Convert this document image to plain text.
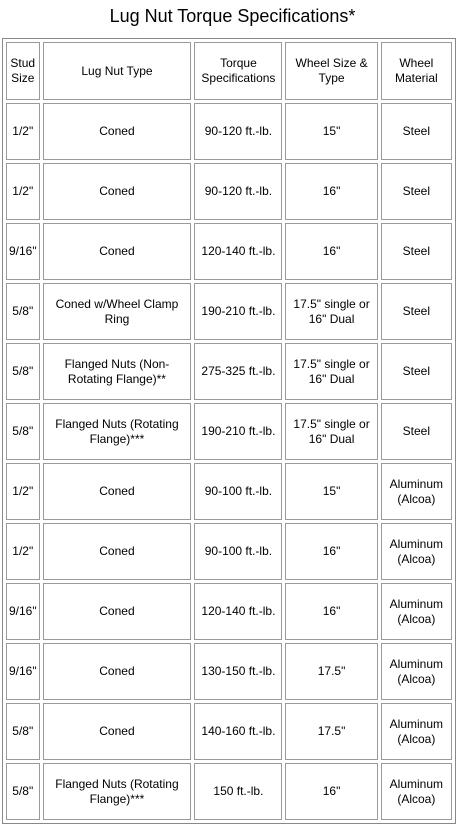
Lug Nut Torque Specifications*
Stud Size	Lug Nut Type	Torque Specifications	Wheel Size & Type	Wheel Material
1/2"	Coned	90-120 ft.-lb.	15"	Steel
1/2"	Coned	90-120 ft.-lb.	16"	Steel
9/16"	Coned	120-140 ft.-lb.	16"	Steel
5/8"	Coned w/Wheel Clamp Ring	190-210 ft.-lb.	17.5" single or 16" Dual	Steel
5/8"	Flanged Nuts (Non-Rotating Flange)**	275-325 ft.-lb.	17.5" single or 16" Dual	Steel
5/8"	Flanged Nuts (Rotating Flange)***	190-210 ft.-lb.	17.5" single or 16" Dual	Steel
1/2"	Coned	90-100 ft.-lb.	15"	Aluminum (Alcoa)
1/2"	Coned	90-100 ft.-lb.	16"	Aluminum (Alcoa)
9/16"	Coned	120-140 ft.-lb.	16"	Aluminum (Alcoa)
9/16"	Coned	130-150 ft.-lb.	17.5"	Aluminum (Alcoa)
5/8"	Coned	140-160 ft.-lb.	17.5"	Aluminum (Alcoa)
5/8"	Flanged Nuts (Rotating Flange)***	150 ft.-lb.	16"	Aluminum (Alcoa)
